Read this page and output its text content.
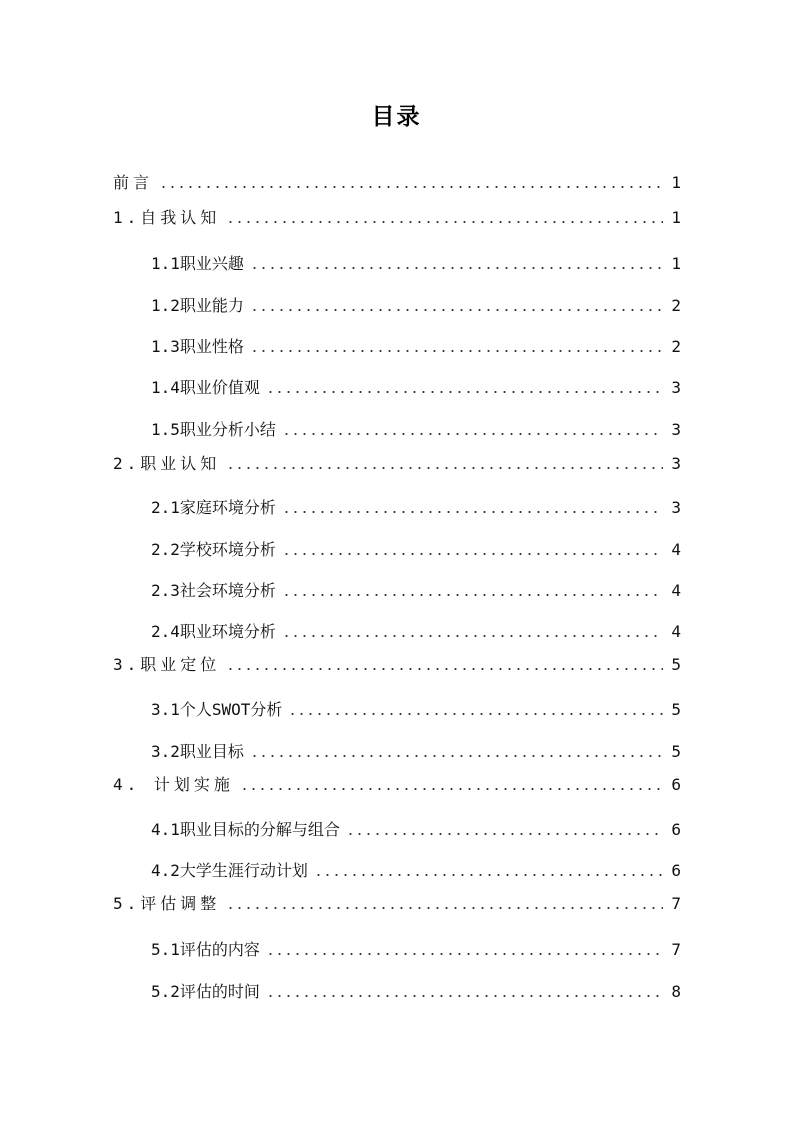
目录
前言	1
1.自我认知	1
1.1职业兴趣	1
1.2职业能力	2
1.3职业性格	2
1.4职业价值观	3
1.5职业分析小结	3
2.职业认知	3
2.1家庭环境分析	3
2.2学校环境分析	4
2.3社会环境分析	4
2.4职业环境分析	4
3.职业定位	5
3.1个人SWOT分析	5
3.2职业目标	5
4. 计划实施	6
4.1职业目标的分解与组合	6
4.2大学生涯行动计划	6
5.评估调整	7
5.1评估的内容	7
5.2评估的时间	8
